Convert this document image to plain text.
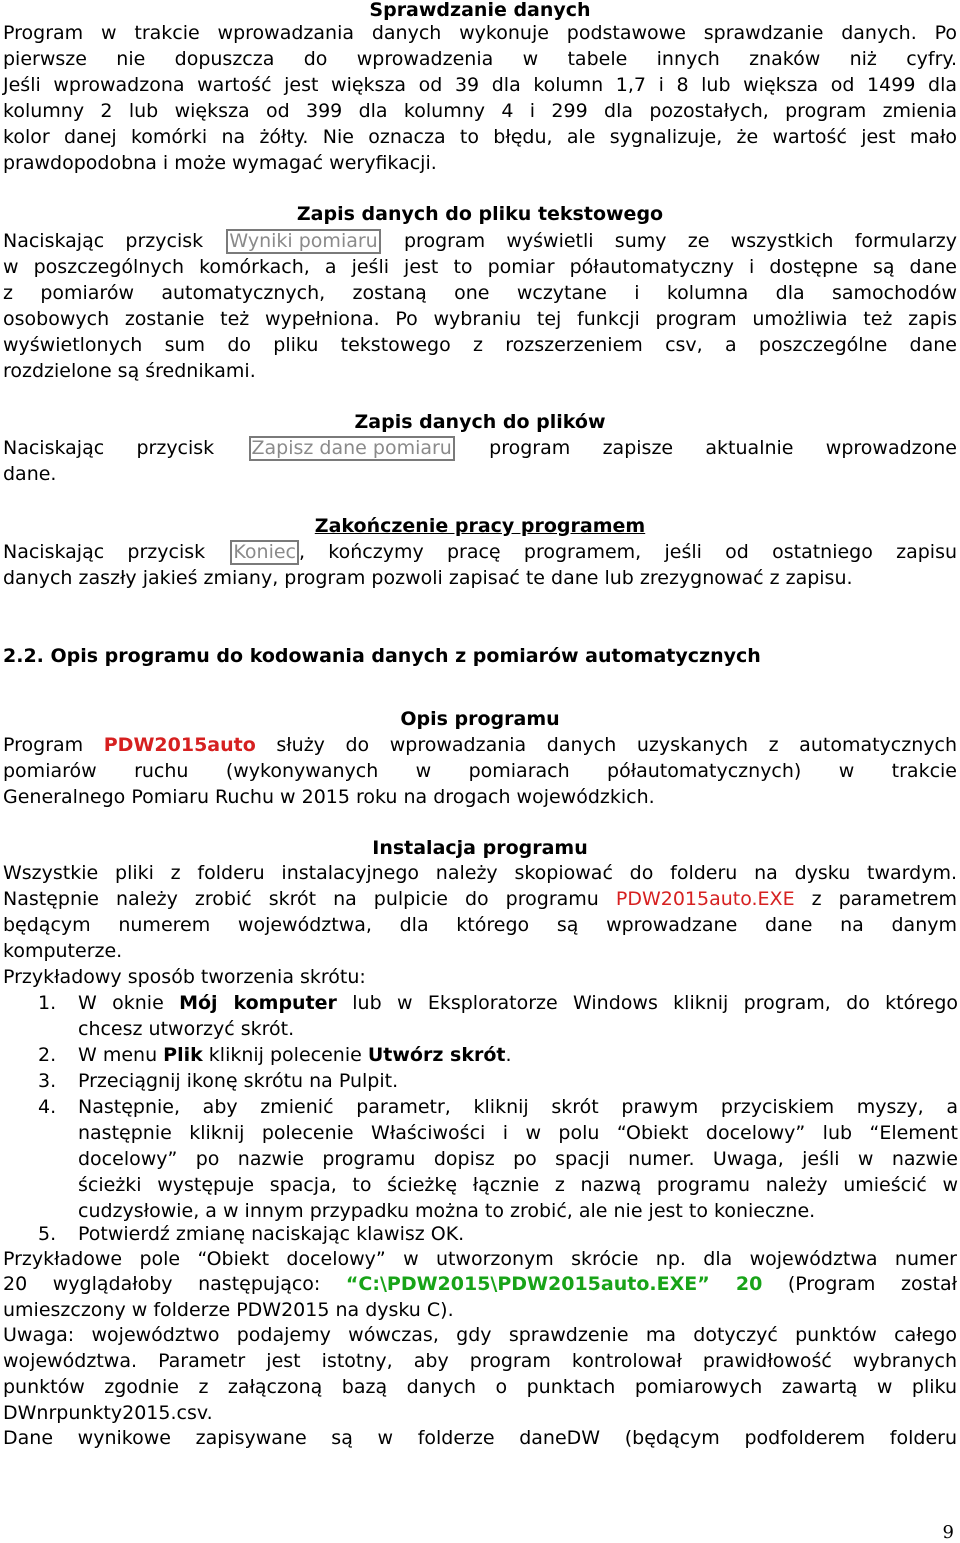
Sprawdzanie danych

Program w trakcie wprowadzania danych wykonuje podstawowe sprawdzanie danych. Po

pierwsze nie dopuszcza do wprowadzenia w tabele innych znaków niż cyfry.

Jeśli wprowadzona wartość jest większa od 39 dla kolumn 1,7 i 8 lub większa od 1499 dla

kolumny 2 lub większa od 399 dla kolumny 4 i 299 dla pozostałych, program zmienia

kolor danej komórki na żółty. Nie oznacza to błędu, ale sygnalizuje, że wartość jest mało

prawdopodobna i może wymagać weryfikacji.

Zapis danych do pliku tekstowego

Naciskając przycisk Wyniki pomiaru program wyświetli sumy ze wszystkich formularzy

w poszczególnych komórkach, a jeśli jest to pomiar półautomatyczny i dostępne są dane

z pomiarów automatycznych, zostaną one wczytane i kolumna dla samochodów

osobowych zostanie też wypełniona. Po wybraniu tej funkcji program umożliwia też zapis

wyświetlonych sum do pliku tekstowego z rozszerzeniem csv, a poszczególne dane

rozdzielone są średnikami.

Zapis danych do plików

Naciskając przycisk Zapisz dane pomiaru program zapisze aktualnie wprowadzone

dane.

Zakończenie pracy programem

Naciskając przycisk Koniec , kończymy pracę programem, jeśli od ostatniego zapisu

danych zaszły jakieś zmiany, program pozwoli zapisać te dane lub zrezygnować z zapisu.

2.2. Opis programu do kodowania danych z pomiarów automatycznych

Opis programu

Program PDW2015auto służy do wprowadzania danych uzyskanych z automatycznych

pomiarów ruchu (wykonywanych w pomiarach półautomatycznych) w trakcie

Generalnego Pomiaru Ruchu w 2015 roku na drogach wojewódzkich.

Instalacja programu

Wszystkie pliki z folderu instalacyjnego należy skopiować do folderu na dysku twardym.

Następnie należy zrobić skrót na pulpicie do programu PDW2015auto.EXE z parametrem

będącym numerem województwa, dla którego są wprowadzane dane na danym

komputerze.

Przykładowy sposób tworzenia skrótu:

1.	W oknie Mój komputer lub w Eksploratorze Windows kliknij program, do którego

chcesz utworzyć skrót.

2.	W menu Plik kliknij polecenie Utwórz skrót.

3.	Przeciągnij ikonę skrótu na Pulpit.

4.	Następnie, aby zmienić parametr, kliknij skrót prawym przyciskiem myszy, a

następnie kliknij polecenie Właściwości i w polu “Obiekt docelowy” lub “Element

docelowy” po nazwie programu dopisz po spacji numer. Uwaga, jeśli w nazwie

ścieżki występuje spacja, to ścieżkę łącznie z nazwą programu należy umieścić w

cudzysłowie, a w innym przypadku można to zrobić, ale nie jest to konieczne.

5.	Potwierdź zmianę naciskając klawisz OK.

Przykładowe pole “Obiekt docelowy” w utworzonym skrócie np. dla województwa numer

20 wyglądałoby następująco: “C:\PDW2015\PDW2015auto.EXE” 20 (Program został

umieszczony w folderze PDW2015 na dysku C).

Uwaga: województwo podajemy wówczas, gdy sprawdzenie ma dotyczyć punktów całego

województwa. Parametr jest istotny, aby program kontrolował prawidłowość wybranych

punktów zgodnie z załączoną bazą danych o punktach pomiarowych zawartą w pliku

DWnrpunkty2015.csv.

Dane wynikowe zapisywane są w folderze daneDW (będącym podfolderem folderu

9
